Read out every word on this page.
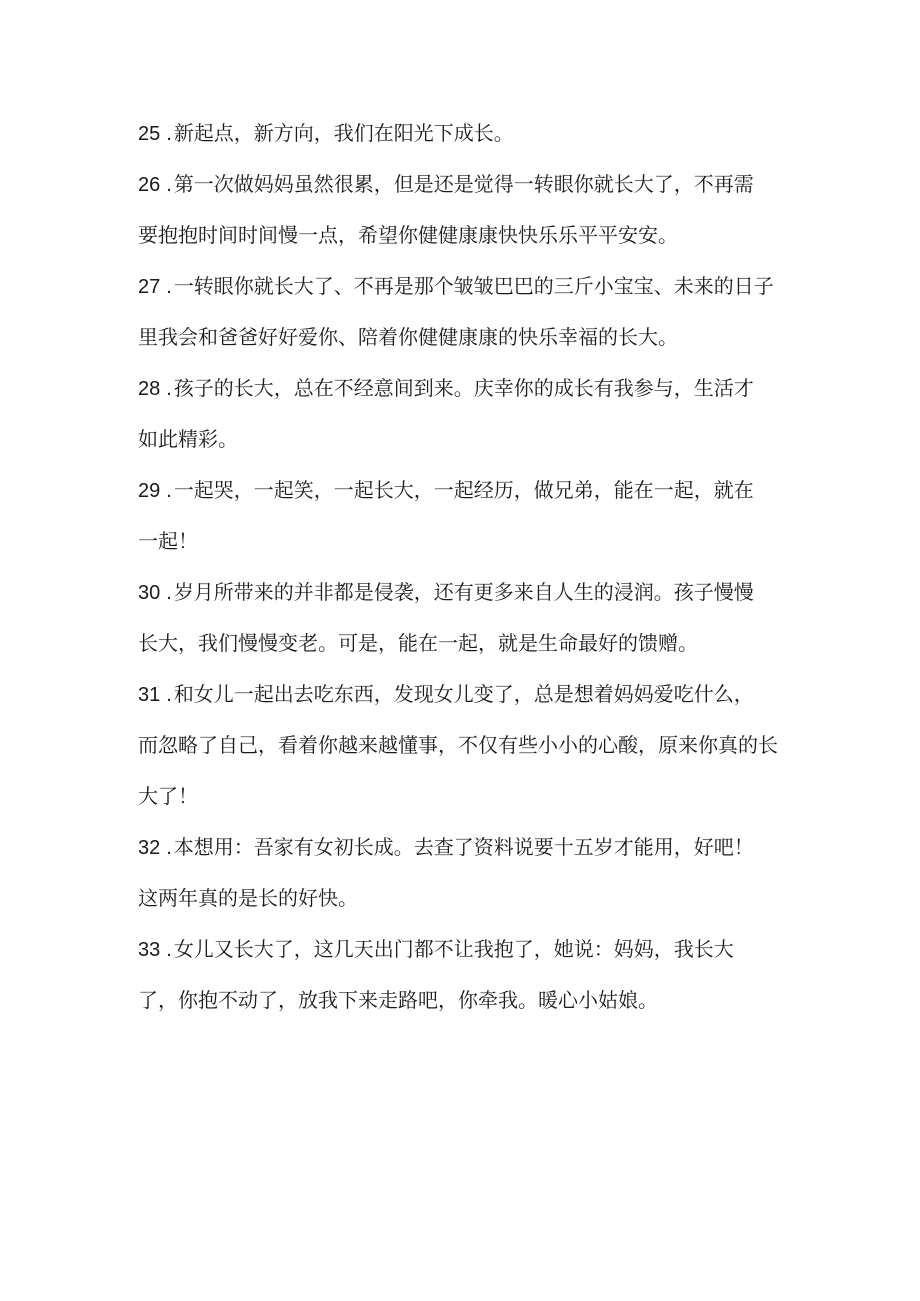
25 . 新起点，新方向，我们在阳光下成长。
26 . 第一次做妈妈虽然很累，但是还是觉得一转眼你就长大了，不再需
要抱抱时间时间慢一点，希望你健健康康快快乐乐平平安安。
27 . 一转眼你就长大了、不再是那个皱皱巴巴的三斤小宝宝、未来的日子
里我会和爸爸好好爱你、陪着你健健康康的快乐幸福的长大。
28 . 孩子的长大，总在不经意间到来。庆幸你的成长有我参与，生活才
如此精彩。
29 . 一起哭，一起笑，一起长大，一起经历，做兄弟，能在一起，就在
一起！
30 . 岁月所带来的并非都是侵袭，还有更多来自人生的浸润。孩子慢慢
长大，我们慢慢变老。可是，能在一起，就是生命最好的馈赠。
31 . 和女儿一起出去吃东西，发现女儿变了，总是想着妈妈爱吃什么，
而忽略了自己，看着你越来越懂事，不仅有些小小的心酸，原来你真的长
大了！
32 . 本想用：吾家有女初长成。去查了资料说要十五岁才能用，好吧！
这两年真的是长的好快。
33 . 女儿又长大了，这几天出门都不让我抱了，她说：妈妈，我长大
了，你抱不动了，放我下来走路吧，你牵我。暖心小姑娘。
